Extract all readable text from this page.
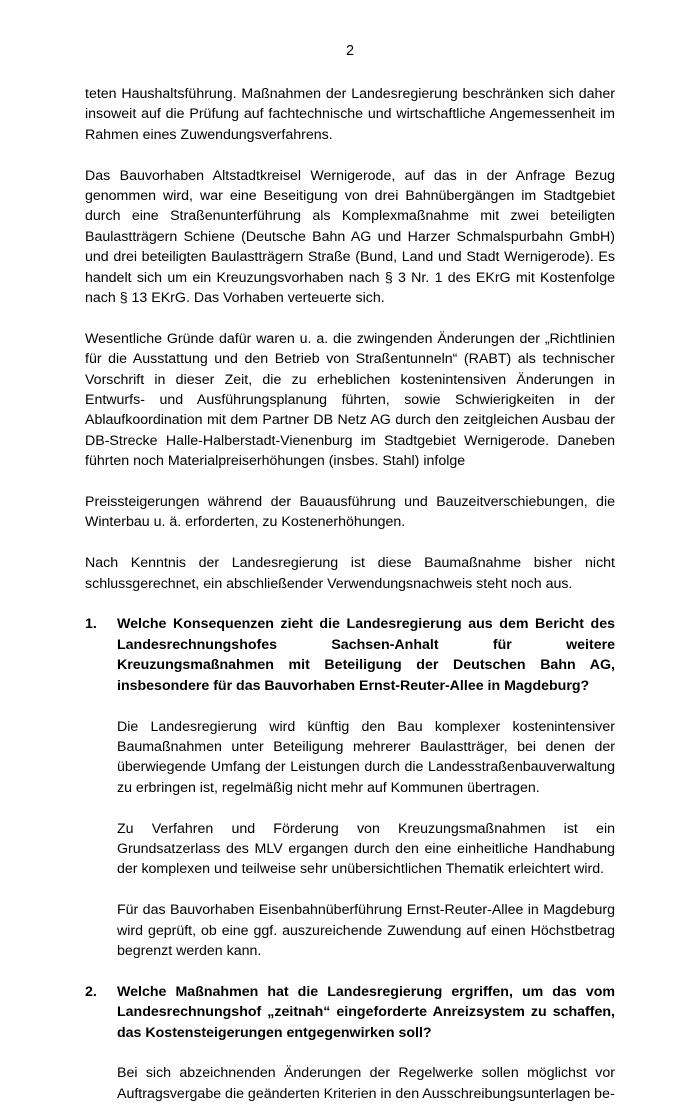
2

teten Haushaltsführung. Maßnahmen der Landesregierung beschränken sich daher insoweit auf die Prüfung auf fachtechnische und wirtschaftliche Angemessenheit im Rahmen eines Zuwendungsverfahrens.

Das Bauvorhaben Altstadtkreisel Wernigerode, auf das in der Anfrage Bezug genommen wird, war eine Beseitigung von drei Bahnübergängen im Stadtgebiet durch eine Straßenunterführung als Komplexmaßnahme mit zwei beteiligten Baulastträgern Schiene (Deutsche Bahn AG und Harzer Schmalspurbahn GmbH) und drei beteiligten Baulastträgern Straße (Bund, Land und Stadt Wernigerode). Es handelt sich um ein Kreuzungsvorhaben nach § 3 Nr. 1 des EKrG mit Kostenfolge nach § 13 EKrG. Das Vorhaben verteuerte sich.

Wesentliche Gründe dafür waren u. a. die zwingenden Änderungen der „Richtlinien für die Ausstattung und den Betrieb von Straßentunneln“ (RABT) als technischer Vorschrift in dieser Zeit, die zu erheblichen kostenintensiven Änderungen in Entwurfs- und Ausführungsplanung führten, sowie Schwierigkeiten in der Ablaufkoordination mit dem Partner DB Netz AG durch den zeitgleichen Ausbau der DB-Strecke Halle-Halberstadt-Vienenburg im Stadtgebiet Wernigerode. Daneben führten noch Materialpreiserhöhungen (insbes. Stahl) infolge

Preissteigerungen während der Bauausführung und Bauzeitverschiebungen, die Winterbau u. ä. erforderten, zu Kostenerhöhungen.

Nach Kenntnis der Landesregierung ist diese Baumaßnahme bisher nicht schlussgerechnet, ein abschließender Verwendungsnachweis steht noch aus.

1.	Welche Konsequenzen zieht die Landesregierung aus dem Bericht des Landesrechnungshofes Sachsen-Anhalt für weitere Kreuzungsmaßnahmen mit Beteiligung der Deutschen Bahn AG, insbesondere für das Bauvorhaben Ernst-Reuter-Allee in Magdeburg?

Die Landesregierung wird künftig den Bau komplexer kostenintensiver Baumaßnahmen unter Beteiligung mehrerer Baulastträger, bei denen der überwiegende Umfang der Leistungen durch die Landesstraßenbauverwaltung zu erbringen ist, regelmäßig nicht mehr auf Kommunen übertragen.

Zu Verfahren und Förderung von Kreuzungsmaßnahmen ist ein Grundsatzerlass des MLV ergangen durch den eine einheitliche Handhabung der komplexen und teilweise sehr unübersichtlichen Thematik erleichtert wird.

Für das Bauvorhaben Eisenbahnüberführung Ernst-Reuter-Allee in Magdeburg wird geprüft, ob eine ggf. auszureichende Zuwendung auf einen Höchstbetrag begrenzt werden kann.

2.	Welche Maßnahmen hat die Landesregierung ergriffen, um das vom Landesrechnungshof „zeitnah“ eingeforderte Anreizsystem zu schaffen, das Kostensteigerungen entgegenwirken soll?

Bei sich abzeichnenden Änderungen der Regelwerke sollen möglichst vor Auftragsvergabe die geänderten Kriterien in den Ausschreibungsunterlagen be-
